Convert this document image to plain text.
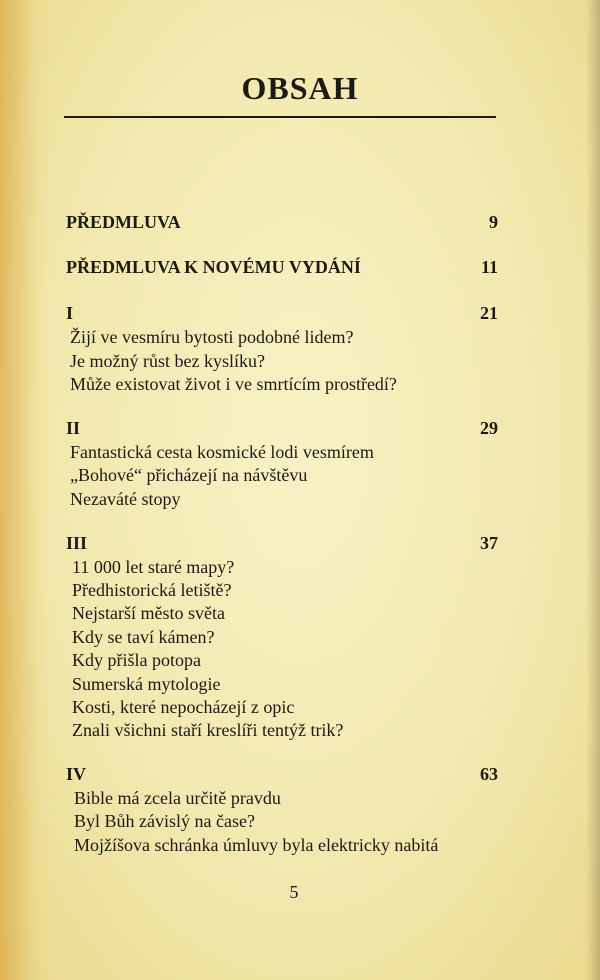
OBSAH
PŘEDMLUVA	9
PŘEDMLUVA K NOVÉMU VYDÁNÍ	11
I	21
Žijí ve vesmíru bytosti podobné lidem?
Je možný růst bez kyslíku?
Může existovat život i ve smrtícím prostředí?
II	29
Fantastická cesta kosmické lodi vesmírem
„Bohové“ přicházejí na návštěvu
Nezaváté stopy
III	37
11 000 let staré mapy?
Předhistorická letiště?
Nejstarší město světa
Kdy se taví kámen?
Kdy přišla potopa
Sumerská mytologie
Kosti, které nepocházejí z opic
Znali všichni staří kreslíři tentýž trik?
IV	63
Bible má zcela určitě pravdu
Byl Bůh závislý na čase?
Mojžíšova schránka úmluvy byla elektricky nabitá
5
